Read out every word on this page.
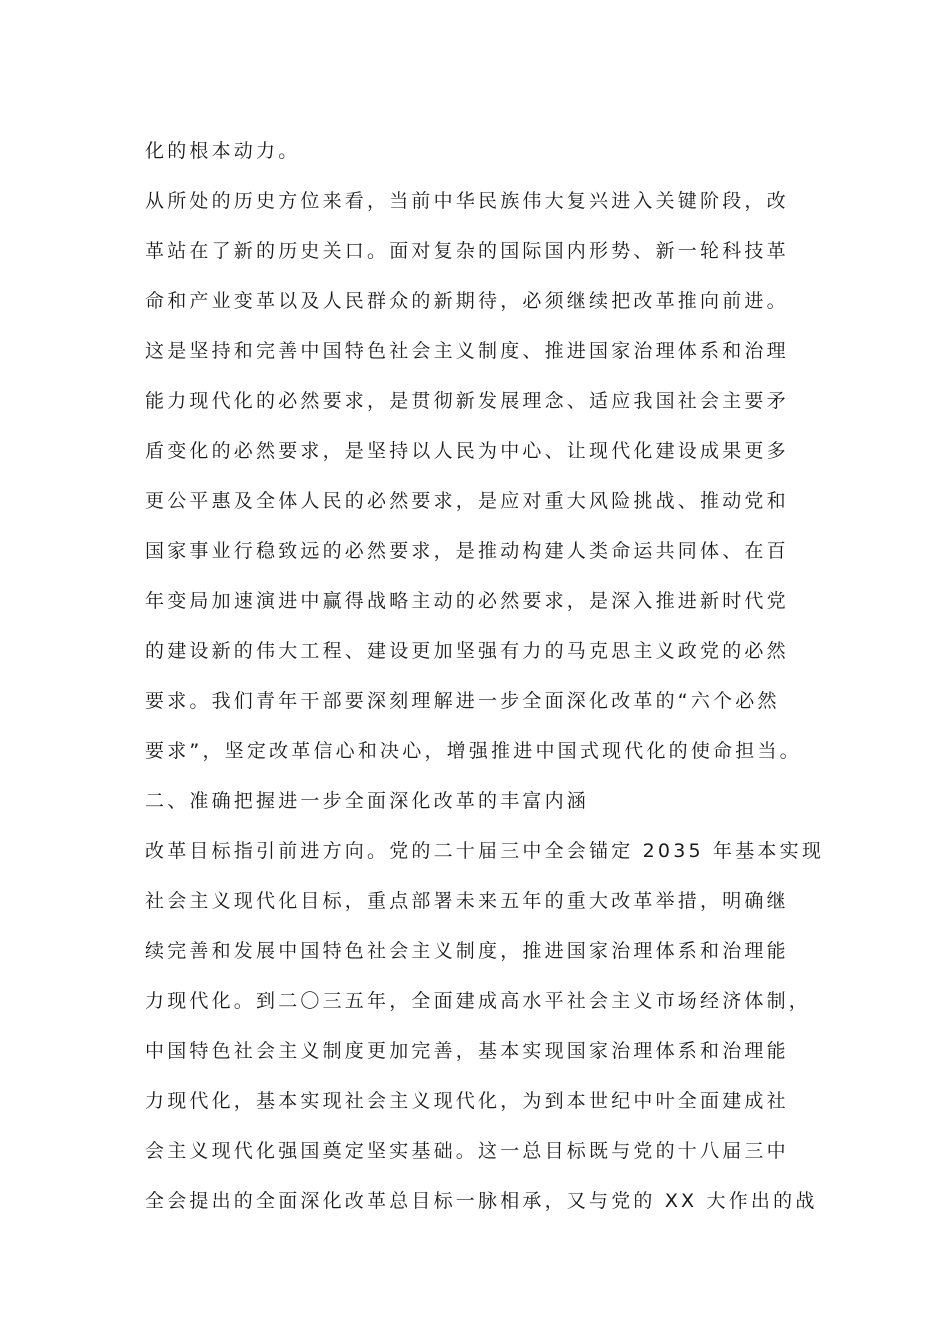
化的根本动力。
从所处的历史方位来看，当前中华民族伟大复兴进入关键阶段，改
革站在了新的历史关口。面对复杂的国际国内形势、新一轮科技革
命和产业变革以及人民群众的新期待，必须继续把改革推向前进。
这是坚持和完善中国特色社会主义制度、推进国家治理体系和治理
能力现代化的必然要求，是贯彻新发展理念、适应我国社会主要矛
盾变化的必然要求，是坚持以人民为中心、让现代化建设成果更多
更公平惠及全体人民的必然要求，是应对重大风险挑战、推动党和
国家事业行稳致远的必然要求，是推动构建人类命运共同体、在百
年变局加速演进中赢得战略主动的必然要求，是深入推进新时代党
的建设新的伟大工程、建设更加坚强有力的马克思主义政党的必然
要求。我们青年干部要深刻理解进一步全面深化改革的“六个必然
要求”，坚定改革信心和决心，增强推进中国式现代化的使命担当。
二、准确把握进一步全面深化改革的丰富内涵
改革目标指引前进方向。党的二十届三中全会锚定 2035 年基本实现
社会主义现代化目标，重点部署未来五年的重大改革举措，明确继
续完善和发展中国特色社会主义制度，推进国家治理体系和治理能
力现代化。到二〇三五年，全面建成高水平社会主义市场经济体制，
中国特色社会主义制度更加完善，基本实现国家治理体系和治理能
力现代化，基本实现社会主义现代化，为到本世纪中叶全面建成社
会主义现代化强国奠定坚实基础。这一总目标既与党的十八届三中
全会提出的全面深化改革总目标一脉相承，又与党的 XX 大作出的战
